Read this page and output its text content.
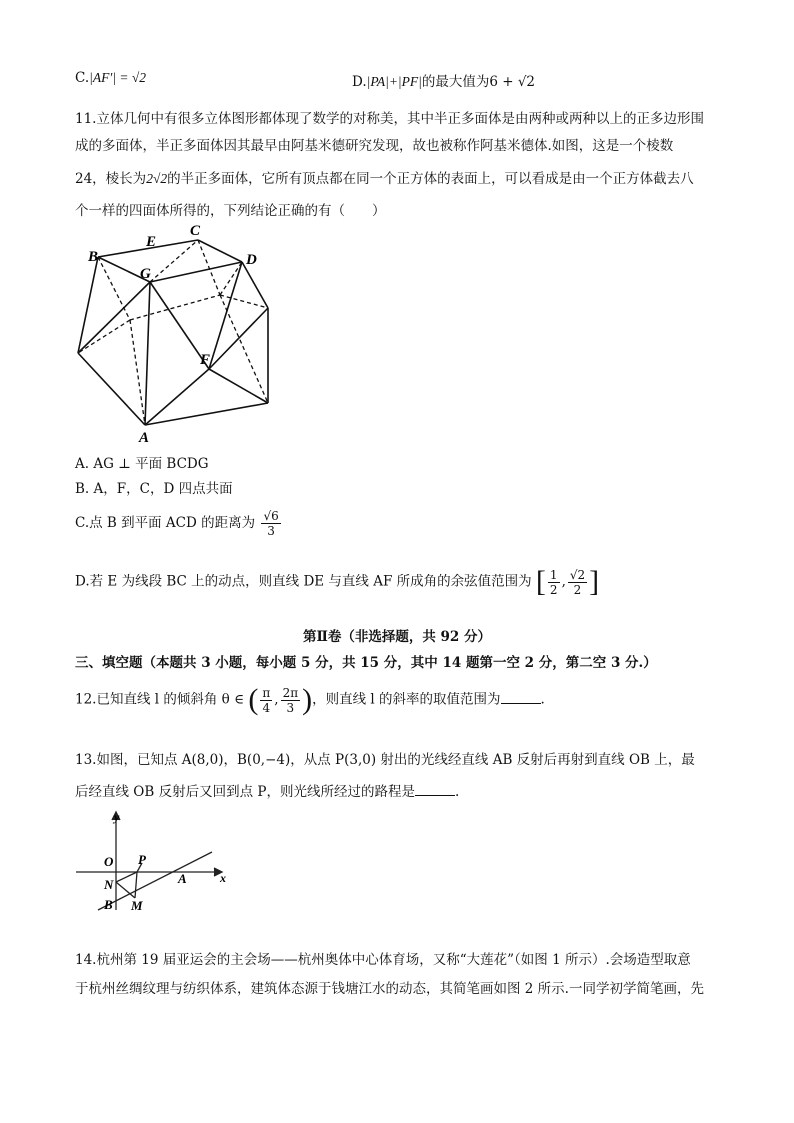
C.|AF′| = √2	D.|PA|+|PF|的最大值为6 + √2
11.立体几何中有很多立体图形都体现了数学的对称美，其中半正多面体是由两种或两种以上的正多边形围
成的多面体，半正多面体因其最早由阿基米德研究发现，故也被称作阿基米德体.如图，这是一个棱数
24，棱长为2√2的半正多面体，它所有顶点都在同一个正方体的表面上，可以看成是由一个正方体截去八
个一样的四面体所得的，下列结论正确的有（　　）
B
E
C
G
D
F
A
A. AG ⊥ 平面 BCDG
B. A，F，C，D 四点共面
C.点 B 到平面 ACD 的距离为 $\frac{√6}{3}$
D.若 E 为线段 BC 上的动点，则直线 DE 与直线 AF 所成角的余弦值范围为 [ $\frac{1}{2}$ , $\frac{√2}{2}$ ]
第Ⅱ卷（非选择题，共 92 分）
三、填空题（本题共 3 小题，每小题 5 分，共 15 分，其中 14 题第一空 2 分，第二空 3 分.）
12.已知直线 l 的倾斜角 θ ∈ ( $\frac{\pi}{4}$ , $\frac{2\pi}{3}$ )，则直线 l 的斜率的取值范围为	.
13.如图，已知点 A(8,0)，B(0,−4)，从点 P(3,0) 射出的光线经直线 AB 反射后再射到直线 OB 上，最
后经直线 OB 反射后又回到点 P，则光线所经过的路程是	.
y
O P
N	A	x
B M
14.杭州第 19 届亚运会的主会场——杭州奥体中心体育场，又称“大莲花”（如图 1 所示）.会场造型取意
于杭州丝绸纹理与纺织体系，建筑体态源于钱塘江水的动态，其简笔画如图 2 所示.一同学初学简笔画，先
